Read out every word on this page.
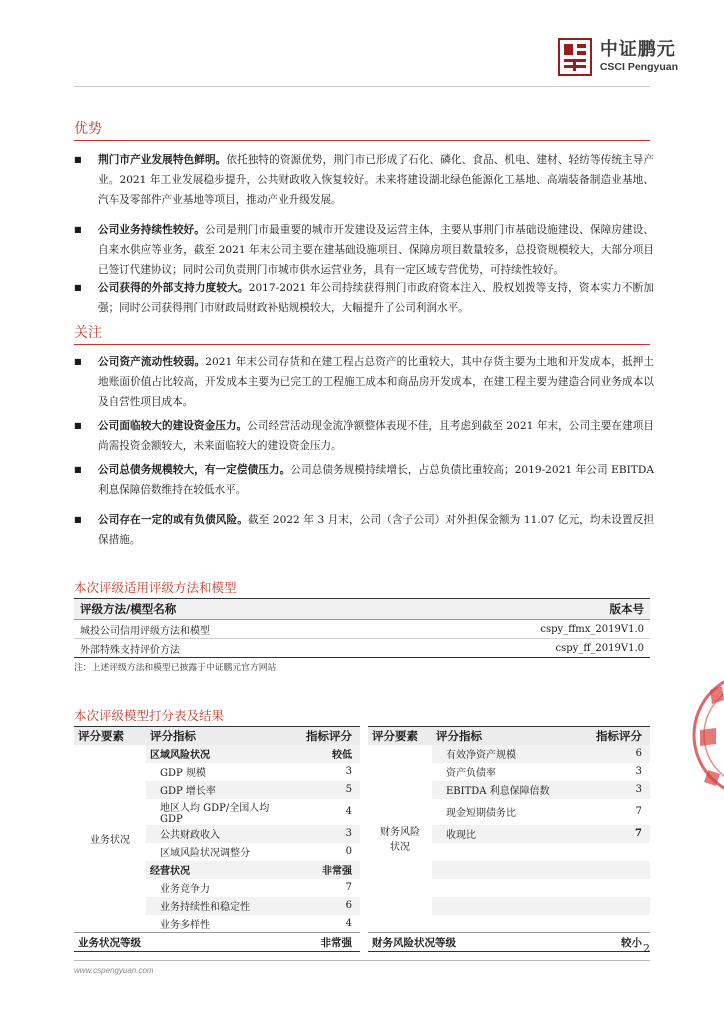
中证鹏元
CSCI Pengyuan
优势
■	荆门市产业发展特色鲜明。依托独特的资源优势，荆门市已形成了石化、磷化、食品、机电、建材、轻纺等传统主导产业。2021 年工业发展稳步提升，公共财政收入恢复较好。未来将建设湖北绿色能源化工基地、高端装备制造业基地、汽车及零部件产业基地等项目，推动产业升级发展。
■	公司业务持续性较好。公司是荆门市最重要的城市开发建设及运营主体，主要从事荆门市基础设施建设、保障房建设、自来水供应等业务，截至 2021 年末公司主要在建基础设施项目、保障房项目数量较多，总投资规模较大，大部分项目已签订代建协议；同时公司负责荆门市城市供水运营业务，具有一定区域专营优势，可持续性较好。
■	公司获得的外部支持力度较大。2017-2021 年公司持续获得荆门市政府资本注入、股权划拨等支持，资本实力不断加强；同时公司获得荆门市财政局财政补贴规模较大，大幅提升了公司利润水平。
关注
■	公司资产流动性较弱。2021 年末公司存货和在建工程占总资产的比重较大，其中存货主要为土地和开发成本，抵押土地账面价值占比较高，开发成本主要为已完工的工程施工成本和商品房开发成本，在建工程主要为建造合同业务成本以及自营性项目成本。
■	公司面临较大的建设资金压力。公司经营活动现金流净额整体表现不佳，且考虑到截至 2021 年末，公司主要在建项目尚需投资金额较大，未来面临较大的建设资金压力。
■	公司总债务规模较大，有一定偿债压力。公司总债务规模持续增长，占总负债比重较高；2019-2021 年公司 EBITDA 利息保障倍数维持在较低水平。
■	公司存在一定的或有负债风险。截至 2022 年 3 月末，公司（含子公司）对外担保金额为 11.07 亿元，均未设置反担保措施。
本次评级适用评级方法和模型
评级方法/模型名称	版本号
城投公司信用评级方法和模型	cspy_ffmx_2019V1.0
外部特殊支持评价方法	cspy_ff_2019V1.0
注：上述评级方法和模型已披露于中证鹏元官方网站
本次评级模型打分表及结果
评分要素	评分指标	指标评分	评分要素	评分指标	指标评分
业务状况	区域风险状况	较低	财务风险状况	有效净资产规模	6
	GDP 规模	3		资产负债率	3
	GDP 增长率	5		EBITDA 利息保障倍数	3
	地区人均 GDP/全国人均 GDP	4		现金短期债务比	7
	公共财政收入	3		收现比	7
	区域风险状况调整分	0			
	经营状况	非常强			
	业务竞争力	7			
	业务持续性和稳定性	6			
	业务多样性	4			
业务状况等级		非常强	财务风险状况等级		较小 2
www.cspengyuan.com
